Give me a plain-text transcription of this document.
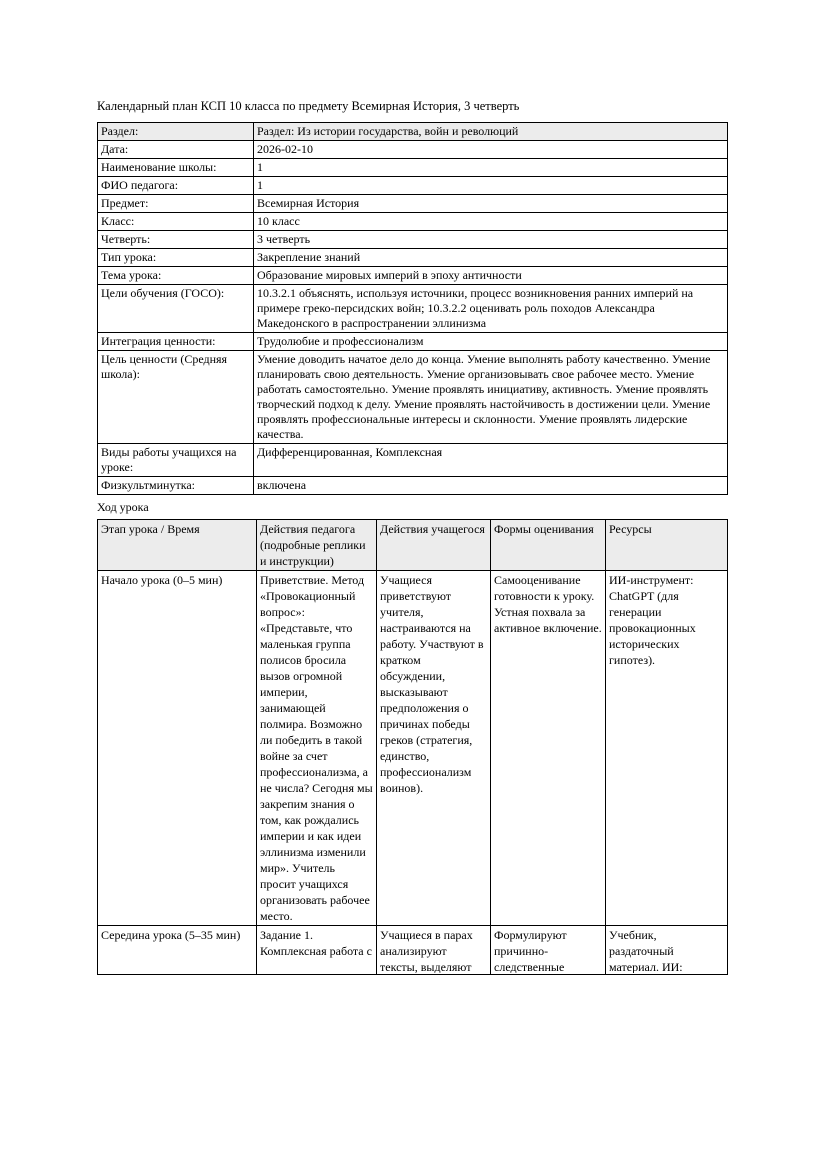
Календарный план КСП 10 класса по предмету Всемирная История, 3 четверть

Раздел:	Раздел: Из истории государства, войн и революций
Дата:	2026-02-10
Наименование школы:	1
ФИО педагога:	1
Предмет:	Всемирная История
Класс:	10 класс
Четверть:	3 четверть
Тип урока:	Закрепление знаний
Тема урока:	Образование мировых империй в эпоху античности
Цели обучения (ГОСО):	10.3.2.1 объяснять, используя источники, процесс возникновения ранних империй на примере греко-персидских войн; 10.3.2.2 оценивать роль походов Александра Македонского в распространении эллинизма
Интеграция ценности:	Трудолюбие и профессионализм
Цель ценности (Средняя школа):	Умение доводить начатое дело до конца. Умение выполнять работу качественно. Умение планировать свою деятельность. Умение организовывать свое рабочее место. Умение работать самостоятельно. Умение проявлять инициативу, активность. Умение проявлять творческий подход к делу. Умение проявлять настойчивость в достижении цели. Умение проявлять профессиональные интересы и склонности. Умение проявлять лидерские качества.
Виды работы учащихся на уроке:	Дифференцированная, Комплексная
Физкультминутка:	включена

Ход урока

Этап урока / Время	Действия педагога (подробные реплики и инструкции)	Действия учащегося	Формы оценивания	Ресурсы
Начало урока (0–5 мин)	Приветствие. Метод «Провокационный вопрос»: «Представьте, что маленькая группа полисов бросила вызов огромной империи, занимающей полмира. Возможно ли победить в такой войне за счет профессионализма, а не числа? Сегодня мы закрепим знания о том, как рождались империи и как идеи эллинизма изменили мир». Учитель просит учащихся организовать рабочее место.	Учащиеся приветствуют учителя, настраиваются на работу. Участвуют в кратком обсуждении, высказывают предположения о причинах победы греков (стратегия, единство, профессионализм воинов).	Самооценивание готовности к уроку. Устная похвала за активное включение.	ИИ-инструмент: ChatGPT (для генерации провокационных исторических гипотез).

Середина урока (5–35 мин)	Задание 1. Комплексная работа с	Учащиеся в парах анализируют тексты, выделяют	Формулируют причинно-следственные	Учебник, раздаточный материал. ИИ:
